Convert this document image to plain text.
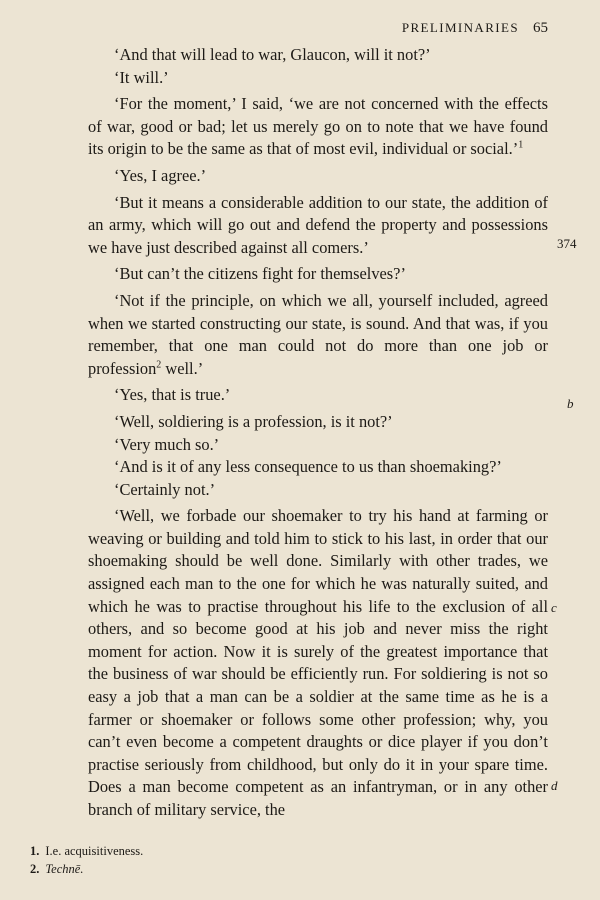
PRELIMINARIES 65

‘And that will lead to war, Glaucon, will it not?’

‘It will.’

‘For the moment,’ I said, ‘we are not concerned with the effects of war, good or bad; let us merely go on to note that we have found its origin to be the same as that of most evil, individual or social.’$^1$

‘Yes, I agree.’

‘But it means a considerable addition to our state, the addition of an army, which will go out and defend the property and possessions we have just described against all comers.’

‘But can’t the citizens fight for themselves?’

‘Not if the principle, on which we all, yourself included, agreed when we started constructing our state, is sound. And that was, if you remember, that one man could not do more than one job or profession$^2$ well.’

‘Yes, that is true.’

‘Well, soldiering is a profession, is it not?’

‘Very much so.’

‘And is it of any less consequence to us than shoemaking?’

‘Certainly not.’

‘Well, we forbade our shoemaker to try his hand at farming or weaving or building and told him to stick to his last, in order that our shoemaking should be well done. Similarly with other trades, we assigned each man to the one for which he was naturally suited, and which he was to practise throughout his life to the exclusion of all others, and so become good at his job and never miss the right moment for action. Now it is surely of the greatest importance that the business of war should be efficiently run. For soldiering is not so easy a job that a man can be a soldier at the same time as he is a farmer or shoemaker or follows some other profession; why, you can’t even become a competent draughts or dice player if you don’t practise seriously from childhood, but only do it in your spare time. Does a man become competent as an infantryman, or in any other branch of military service, the

374
b
c
d
1. I.e. acquisitiveness.
2. Technē.
